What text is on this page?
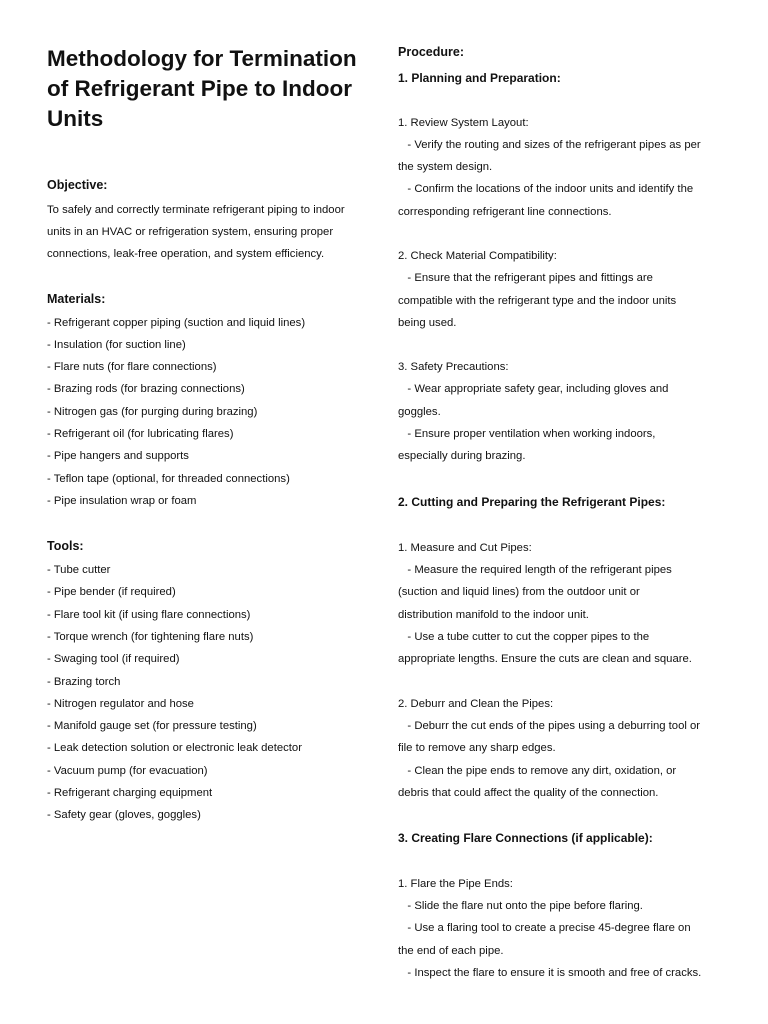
Methodology for Termination of Refrigerant Pipe to Indoor Units

Objective:

To safely and correctly terminate refrigerant piping to indoor

units in an HVAC or refrigeration system, ensuring proper

connections, leak-free operation, and system efficiency.

Materials:

- Refrigerant copper piping (suction and liquid lines)

- Insulation (for suction line)

- Flare nuts (for flare connections)

- Brazing rods (for brazing connections)

- Nitrogen gas (for purging during brazing)

- Refrigerant oil (for lubricating flares)

- Pipe hangers and supports

- Teflon tape (optional, for threaded connections)

- Pipe insulation wrap or foam

Tools:

- Tube cutter

- Pipe bender (if required)

- Flare tool kit (if using flare connections)

- Torque wrench (for tightening flare nuts)

- Swaging tool (if required)

- Brazing torch

- Nitrogen regulator and hose

- Manifold gauge set (for pressure testing)

- Leak detection solution or electronic leak detector

- Vacuum pump (for evacuation)

- Refrigerant charging equipment

- Safety gear (gloves, goggles)

Procedure:

1. Planning and Preparation:

1. Review System Layout:

- Verify the routing and sizes of the refrigerant pipes as per

the system design.

- Confirm the locations of the indoor units and identify the

corresponding refrigerant line connections.

2. Check Material Compatibility:

- Ensure that the refrigerant pipes and fittings are

compatible with the refrigerant type and the indoor units

being used.

3. Safety Precautions:

- Wear appropriate safety gear, including gloves and

goggles.

- Ensure proper ventilation when working indoors,

especially during brazing.

2. Cutting and Preparing the Refrigerant Pipes:

1. Measure and Cut Pipes:

- Measure the required length of the refrigerant pipes

(suction and liquid lines) from the outdoor unit or

distribution manifold to the indoor unit.

- Use a tube cutter to cut the copper pipes to the

appropriate lengths. Ensure the cuts are clean and square.

2. Deburr and Clean the Pipes:

- Deburr the cut ends of the pipes using a deburring tool or

file to remove any sharp edges.

- Clean the pipe ends to remove any dirt, oxidation, or

debris that could affect the quality of the connection.

3. Creating Flare Connections (if applicable):

1. Flare the Pipe Ends:

- Slide the flare nut onto the pipe before flaring.

- Use a flaring tool to create a precise 45-degree flare on

the end of each pipe.

- Inspect the flare to ensure it is smooth and free of cracks.
